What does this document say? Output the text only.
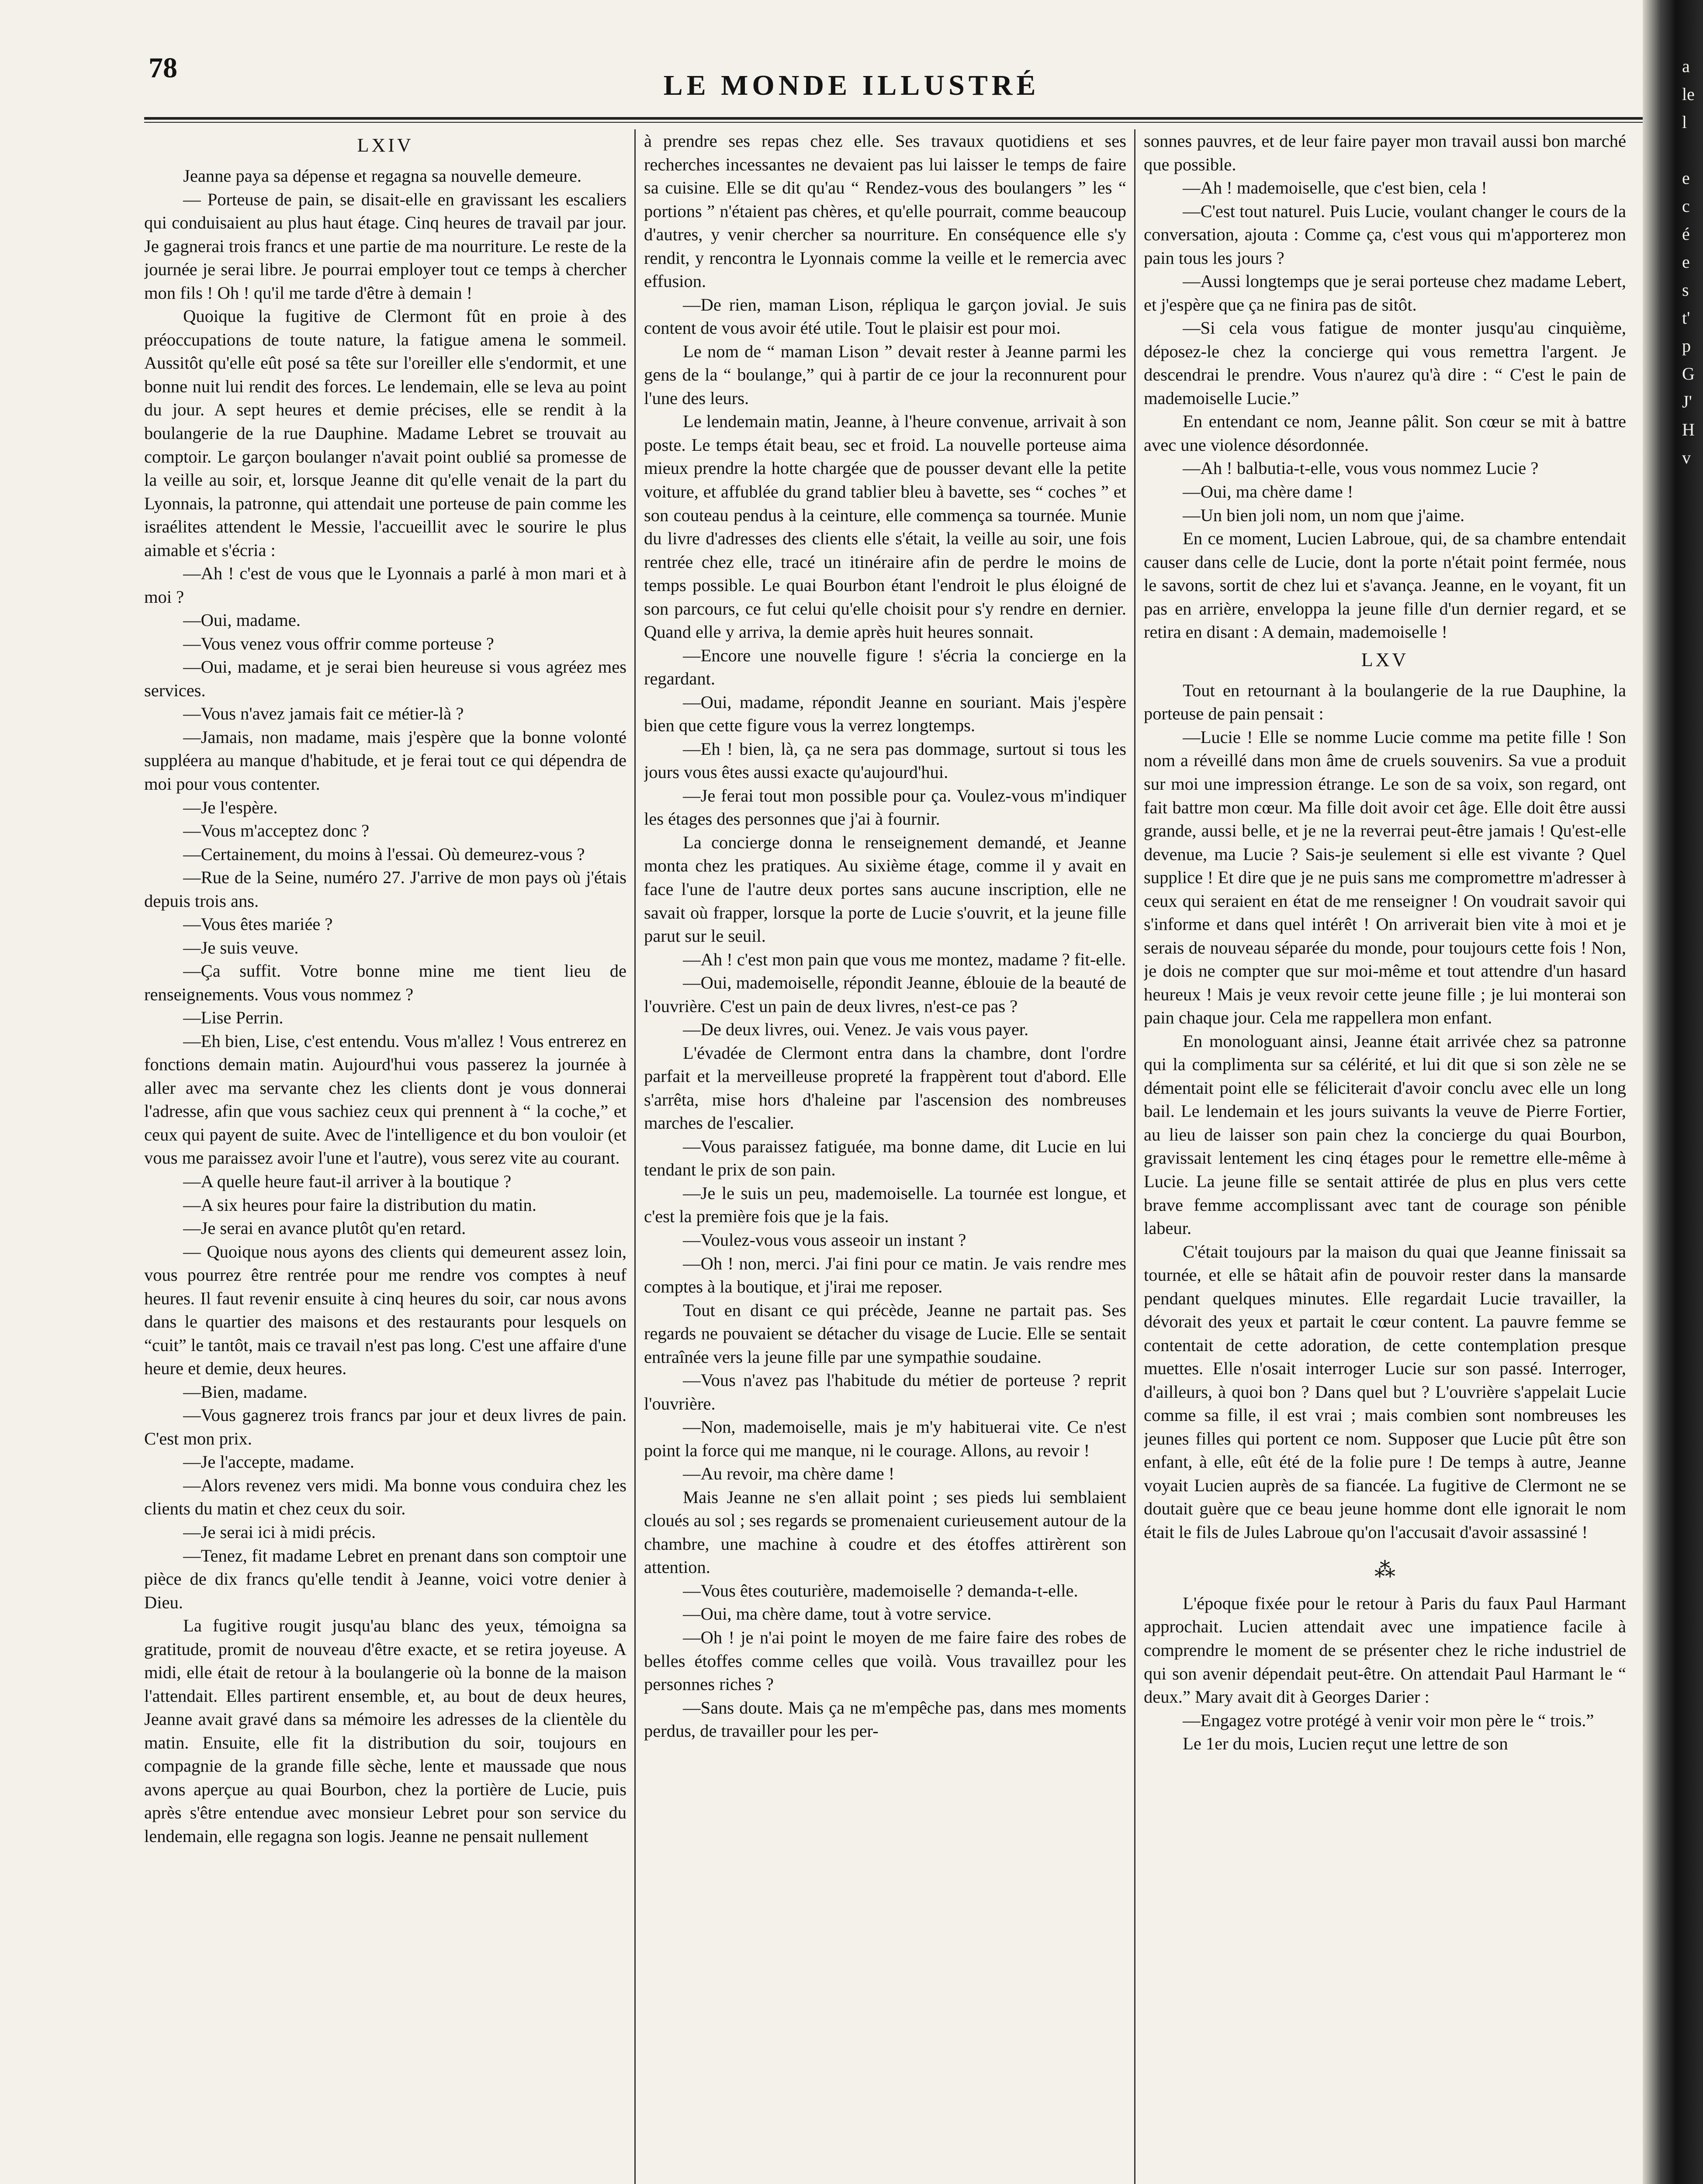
78
LE MONDE ILLUSTRÉ
LXIV

Jeanne paya sa dépense et regagna sa nouvelle demeure.

— Porteuse de pain, se disait-elle en gravissant les escaliers qui conduisaient au plus haut étage. Cinq heures de travail par jour. Je gagnerai trois francs et une partie de ma nourriture. Le reste de la journée je serai libre. Je pourrai employer tout ce temps à chercher mon fils ! Oh ! qu'il me tarde d'être à demain !

Quoique la fugitive de Clermont fût en proie à des préoccupations de toute nature, la fatigue amena le sommeil. Aussitôt qu'elle eût posé sa tête sur l'oreiller elle s'endormit, et une bonne nuit lui rendit des forces. Le lendemain, elle se leva au point du jour. A sept heures et demie précises, elle se rendit à la boulangerie de la rue Dauphine. Madame Lebret se trouvait au comptoir. Le garçon boulanger n'avait point oublié sa promesse de la veille au soir, et, lorsque Jeanne dit qu'elle venait de la part du Lyonnais, la patronne, qui attendait une porteuse de pain comme les israélites attendent le Messie, l'accueillit avec le sourire le plus aimable et s'écria :

—Ah ! c'est de vous que le Lyonnais a parlé à mon mari et à moi ?

—Oui, madame.

—Vous venez vous offrir comme porteuse ?

—Oui, madame, et je serai bien heureuse si vous agréez mes services.

—Vous n'avez jamais fait ce métier-là ?

—Jamais, non madame, mais j'espère que la bonne volonté suppléera au manque d'habitude, et je ferai tout ce qui dépendra de moi pour vous contenter.

—Je l'espère.

—Vous m'acceptez donc ?

—Certainement, du moins à l'essai. Où demeurez-vous ?

—Rue de la Seine, numéro 27. J'arrive de mon pays où j'étais depuis trois ans.

—Vous êtes mariée ?

—Je suis veuve.

—Ça suffit. Votre bonne mine me tient lieu de renseignements. Vous vous nommez ?

—Lise Perrin.

—Eh bien, Lise, c'est entendu. Vous m'allez ! Vous entrerez en fonctions demain matin. Aujourd'hui vous passerez la journée à aller avec ma servante chez les clients dont je vous donnerai l'adresse, afin que vous sachiez ceux qui prennent à “ la coche,” et ceux qui payent de suite. Avec de l'intelligence et du bon vouloir (et vous me paraissez avoir l'une et l'autre), vous serez vite au courant.

—A quelle heure faut-il arriver à la boutique ?

—A six heures pour faire la distribution du matin.

—Je serai en avance plutôt qu'en retard.

— Quoique nous ayons des clients qui demeurent assez loin, vous pourrez être rentrée pour me rendre vos comptes à neuf heures. Il faut revenir ensuite à cinq heures du soir, car nous avons dans le quartier des maisons et des restaurants pour lesquels on “cuit” le tantôt, mais ce travail n'est pas long. C'est une affaire d'une heure et demie, deux heures.

—Bien, madame.

—Vous gagnerez trois francs par jour et deux livres de pain. C'est mon prix.

—Je l'accepte, madame.

—Alors revenez vers midi. Ma bonne vous conduira chez les clients du matin et chez ceux du soir.

—Je serai ici à midi précis.

—Tenez, fit madame Lebret en prenant dans son comptoir une pièce de dix francs qu'elle tendit à Jeanne, voici votre denier à Dieu.

La fugitive rougit jusqu'au blanc des yeux, témoigna sa gratitude, promit de nouveau d'être exacte, et se retira joyeuse. A midi, elle était de retour à la boulangerie où la bonne de la maison l'attendait. Elles partirent ensemble, et, au bout de deux heures, Jeanne avait gravé dans sa mémoire les adresses de la clientèle du matin. Ensuite, elle fit la distribution du soir, toujours en compagnie de la grande fille sèche, lente et maussade que nous avons aperçue au quai Bourbon, chez la portière de Lucie, puis après s'être entendue avec monsieur Lebret pour son service du lendemain, elle regagna son logis. Jeanne ne pensait nullement

à prendre ses repas chez elle. Ses travaux quotidiens et ses recherches incessantes ne devaient pas lui laisser le temps de faire sa cuisine. Elle se dit qu'au “ Rendez-vous des boulangers ” les “ portions ” n'étaient pas chères, et qu'elle pourrait, comme beaucoup d'autres, y venir chercher sa nourriture. En conséquence elle s'y rendit, y rencontra le Lyonnais comme la veille et le remercia avec effusion.

—De rien, maman Lison, répliqua le garçon jovial. Je suis content de vous avoir été utile. Tout le plaisir est pour moi.

Le nom de “ maman Lison ” devait rester à Jeanne parmi les gens de la “ boulange,” qui à partir de ce jour la reconnurent pour l'une des leurs.

Le lendemain matin, Jeanne, à l'heure convenue, arrivait à son poste. Le temps était beau, sec et froid. La nouvelle porteuse aima mieux prendre la hotte chargée que de pousser devant elle la petite voiture, et affublée du grand tablier bleu à bavette, ses “ coches ” et son couteau pendus à la ceinture, elle commença sa tournée. Munie du livre d'adresses des clients elle s'était, la veille au soir, une fois rentrée chez elle, tracé un itinéraire afin de perdre le moins de temps possible. Le quai Bourbon étant l'endroit le plus éloigné de son parcours, ce fut celui qu'elle choisit pour s'y rendre en dernier. Quand elle y arriva, la demie après huit heures sonnait.

—Encore une nouvelle figure ! s'écria la concierge en la regardant.

—Oui, madame, répondit Jeanne en souriant. Mais j'espère bien que cette figure vous la verrez longtemps.

—Eh ! bien, là, ça ne sera pas dommage, surtout si tous les jours vous êtes aussi exacte qu'aujourd'hui.

—Je ferai tout mon possible pour ça. Voulez-vous m'indiquer les étages des personnes que j'ai à fournir.

La concierge donna le renseignement demandé, et Jeanne monta chez les pratiques. Au sixième étage, comme il y avait en face l'une de l'autre deux portes sans aucune inscription, elle ne savait où frapper, lorsque la porte de Lucie s'ouvrit, et la jeune fille parut sur le seuil.

—Ah ! c'est mon pain que vous me montez, madame ? fit-elle.

—Oui, mademoiselle, répondit Jeanne, éblouie de la beauté de l'ouvrière. C'est un pain de deux livres, n'est-ce pas ?

—De deux livres, oui. Venez. Je vais vous payer.

L'évadée de Clermont entra dans la chambre, dont l'ordre parfait et la merveilleuse propreté la frappèrent tout d'abord. Elle s'arrêta, mise hors d'haleine par l'ascension des nombreuses marches de l'escalier.

—Vous paraissez fatiguée, ma bonne dame, dit Lucie en lui tendant le prix de son pain.

—Je le suis un peu, mademoiselle. La tournée est longue, et c'est la première fois que je la fais.

—Voulez-vous vous asseoir un instant ?

—Oh ! non, merci. J'ai fini pour ce matin. Je vais rendre mes comptes à la boutique, et j'irai me reposer.

Tout en disant ce qui précède, Jeanne ne partait pas. Ses regards ne pouvaient se détacher du visage de Lucie. Elle se sentait entraînée vers la jeune fille par une sympathie soudaine.

—Vous n'avez pas l'habitude du métier de porteuse ? reprit l'ouvrière.

—Non, mademoiselle, mais je m'y habituerai vite. Ce n'est point la force qui me manque, ni le courage. Allons, au revoir !

—Au revoir, ma chère dame !

Mais Jeanne ne s'en allait point ; ses pieds lui semblaient cloués au sol ; ses regards se promenaient curieusement autour de la chambre, une machine à coudre et des étoffes attirèrent son attention.

—Vous êtes couturière, mademoiselle ? demanda-t-elle.

—Oui, ma chère dame, tout à votre service.

—Oh ! je n'ai point le moyen de me faire faire des robes de belles étoffes comme celles que voilà. Vous travaillez pour les personnes riches ?

—Sans doute. Mais ça ne m'empêche pas, dans mes moments perdus, de travailler pour les per-

sonnes pauvres, et de leur faire payer mon travail aussi bon marché que possible.

—Ah ! mademoiselle, que c'est bien, cela !

—C'est tout naturel. Puis Lucie, voulant changer le cours de la conversation, ajouta : Comme ça, c'est vous qui m'apporterez mon pain tous les jours ?

—Aussi longtemps que je serai porteuse chez madame Lebert, et j'espère que ça ne finira pas de sitôt.

—Si cela vous fatigue de monter jusqu'au cinquième, déposez-le chez la concierge qui vous remettra l'argent. Je descendrai le prendre. Vous n'aurez qu'à dire : “ C'est le pain de mademoiselle Lucie.”

En entendant ce nom, Jeanne pâlit. Son cœur se mit à battre avec une violence désordonnée.

—Ah ! balbutia-t-elle, vous vous nommez Lucie ?

—Oui, ma chère dame !

—Un bien joli nom, un nom que j'aime.

En ce moment, Lucien Labroue, qui, de sa chambre entendait causer dans celle de Lucie, dont la porte n'était point fermée, nous le savons, sortit de chez lui et s'avança. Jeanne, en le voyant, fit un pas en arrière, enveloppa la jeune fille d'un dernier regard, et se retira en disant : A demain, mademoiselle !

LXV

Tout en retournant à la boulangerie de la rue Dauphine, la porteuse de pain pensait :

—Lucie ! Elle se nomme Lucie comme ma petite fille ! Son nom a réveillé dans mon âme de cruels souvenirs. Sa vue a produit sur moi une impression étrange. Le son de sa voix, son regard, ont fait battre mon cœur. Ma fille doit avoir cet âge. Elle doit être aussi grande, aussi belle, et je ne la reverrai peut-être jamais ! Qu'est-elle devenue, ma Lucie ? Sais-je seulement si elle est vivante ? Quel supplice ! Et dire que je ne puis sans me compromettre m'adresser à ceux qui seraient en état de me renseigner ! On voudrait savoir qui s'informe et dans quel intérêt ! On arriverait bien vite à moi et je serais de nouveau séparée du monde, pour toujours cette fois ! Non, je dois ne compter que sur moi-même et tout attendre d'un hasard heureux ! Mais je veux revoir cette jeune fille ; je lui monterai son pain chaque jour. Cela me rappellera mon enfant.

En monologuant ainsi, Jeanne était arrivée chez sa patronne qui la complimenta sur sa célérité, et lui dit que si son zèle ne se démentait point elle se féliciterait d'avoir conclu avec elle un long bail. Le lendemain et les jours suivants la veuve de Pierre Fortier, au lieu de laisser son pain chez la concierge du quai Bourbon, gravissait lentement les cinq étages pour le remettre elle-même à Lucie. La jeune fille se sentait attirée de plus en plus vers cette brave femme accomplissant avec tant de courage son pénible labeur.

C'était toujours par la maison du quai que Jeanne finissait sa tournée, et elle se hâtait afin de pouvoir rester dans la mansarde pendant quelques minutes. Elle regardait Lucie travailler, la dévorait des yeux et partait le cœur content. La pauvre femme se contentait de cette adoration, de cette contemplation presque muettes. Elle n'osait interroger Lucie sur son passé. Interroger, d'ailleurs, à quoi bon ? Dans quel but ? L'ouvrière s'appelait Lucie comme sa fille, il est vrai ; mais combien sont nombreuses les jeunes filles qui portent ce nom. Supposer que Lucie pût être son enfant, à elle, eût été de la folie pure ! De temps à autre, Jeanne voyait Lucien auprès de sa fiancée. La fugitive de Clermont ne se doutait guère que ce beau jeune homme dont elle ignorait le nom était le fils de Jules Labroue qu'on l'accusait d'avoir assassiné !

⁂

L'époque fixée pour le retour à Paris du faux Paul Harmant approchait. Lucien attendait avec une impatience facile à comprendre le moment de se présenter chez le riche industriel de qui son avenir dépendait peut-être. On attendait Paul Harmant le “ deux.” Mary avait dit à Georges Darier :

—Engagez votre protégé à venir voir mon père le “ trois.”

Le 1er du mois, Lucien reçut une lettre de son

a
le
l

e
c
é
e
s
t'
p
G
J'
H
v
